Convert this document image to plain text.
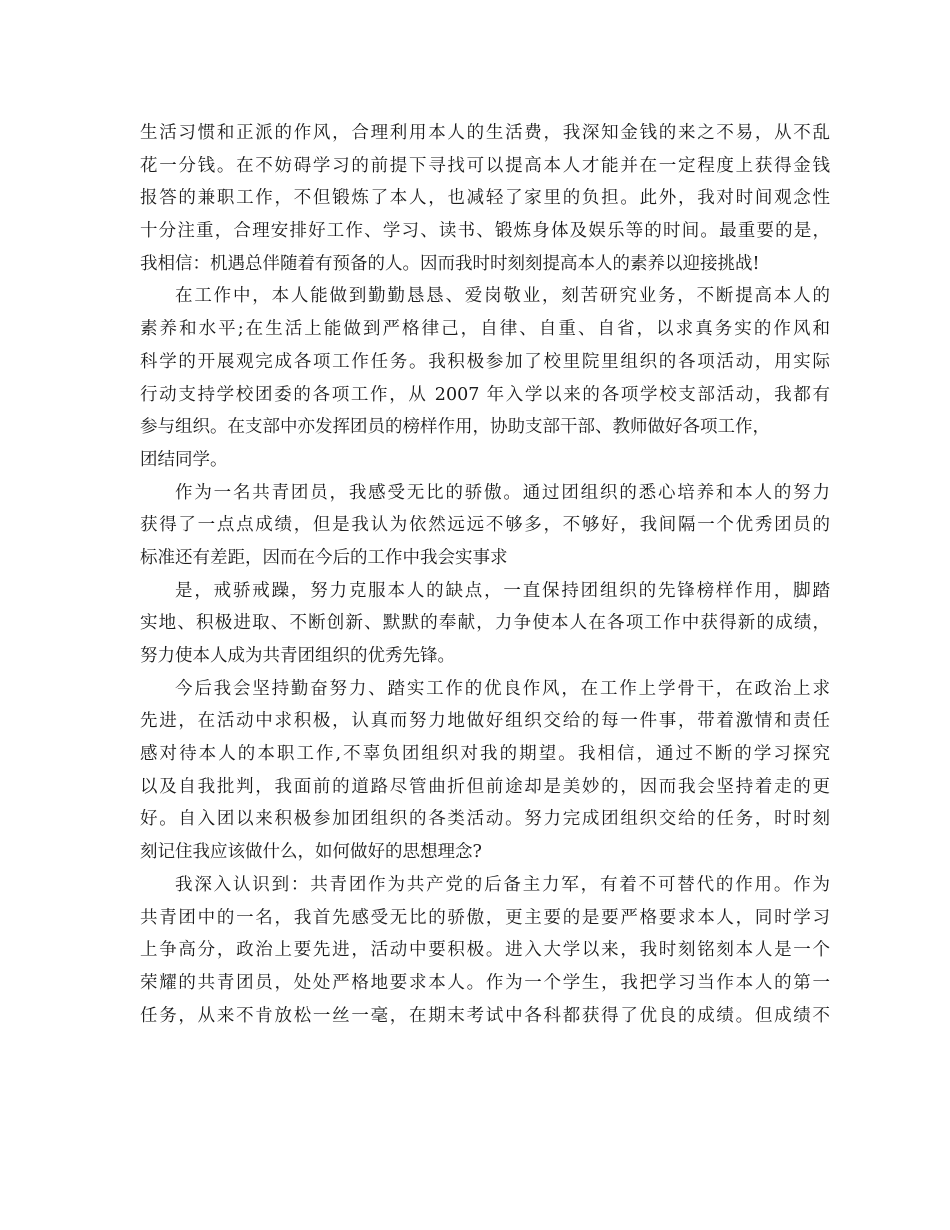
生活习惯和正派的作风，合理利用本人的生活费，我深知金钱的来之不易，从不乱
花一分钱。在不妨碍学习的前提下寻找可以提高本人才能并在一定程度上获得金钱
报答的兼职工作，不但锻炼了本人，也减轻了家里的负担。此外，我对时间观念性
十分注重，合理安排好工作、学习、读书、锻炼身体及娱乐等的时间。最重要的是，
我相信：机遇总伴随着有预备的人。因而我时时刻刻提高本人的素养以迎接挑战!
在工作中，本人能做到勤勤恳恳、爱岗敬业，刻苦研究业务，不断提高本人的
素养和水平;在生活上能做到严格律己，自律、自重、自省，以求真务实的作风和
科学的开展观完成各项工作任务。我积极参加了校里院里组织的各项活动，用实际
行动支持学校团委的各项工作，从 2007 年入学以来的各项学校支部活动，我都有
参与组织。在支部中亦发挥团员的榜样作用，协助支部干部、教师做好各项工作，
团结同学。
作为一名共青团员，我感受无比的骄傲。通过团组织的悉心培养和本人的努力
获得了一点点成绩，但是我认为依然远远不够多，不够好，我间隔一个优秀团员的
标准还有差距，因而在今后的工作中我会实事求
是，戒骄戒躁，努力克服本人的缺点，一直保持团组织的先锋榜样作用，脚踏
实地、积极进取、不断创新、默默的奉献，力争使本人在各项工作中获得新的成绩，
努力使本人成为共青团组织的优秀先锋。
今后我会坚持勤奋努力、踏实工作的优良作风，在工作上学骨干，在政治上求
先进，在活动中求积极，认真而努力地做好组织交给的每一件事，带着激情和责任
感对待本人的本职工作,不辜负团组织对我的期望。我相信，通过不断的学习探究
以及自我批判，我面前的道路尽管曲折但前途却是美妙的，因而我会坚持着走的更
好。自入团以来积极参加团组织的各类活动。努力完成团组织交给的任务，时时刻
刻记住我应该做什么，如何做好的思想理念?
我深入认识到：共青团作为共产党的后备主力军，有着不可替代的作用。作为
共青团中的一名，我首先感受无比的骄傲，更主要的是要严格要求本人，同时学习
上争高分，政治上要先进，活动中要积极。进入大学以来，我时刻铭刻本人是一个
荣耀的共青团员，处处严格地要求本人。作为一个学生，我把学习当作本人的第一
任务，从来不肯放松一丝一毫，在期末考试中各科都获得了优良的成绩。但成绩不
